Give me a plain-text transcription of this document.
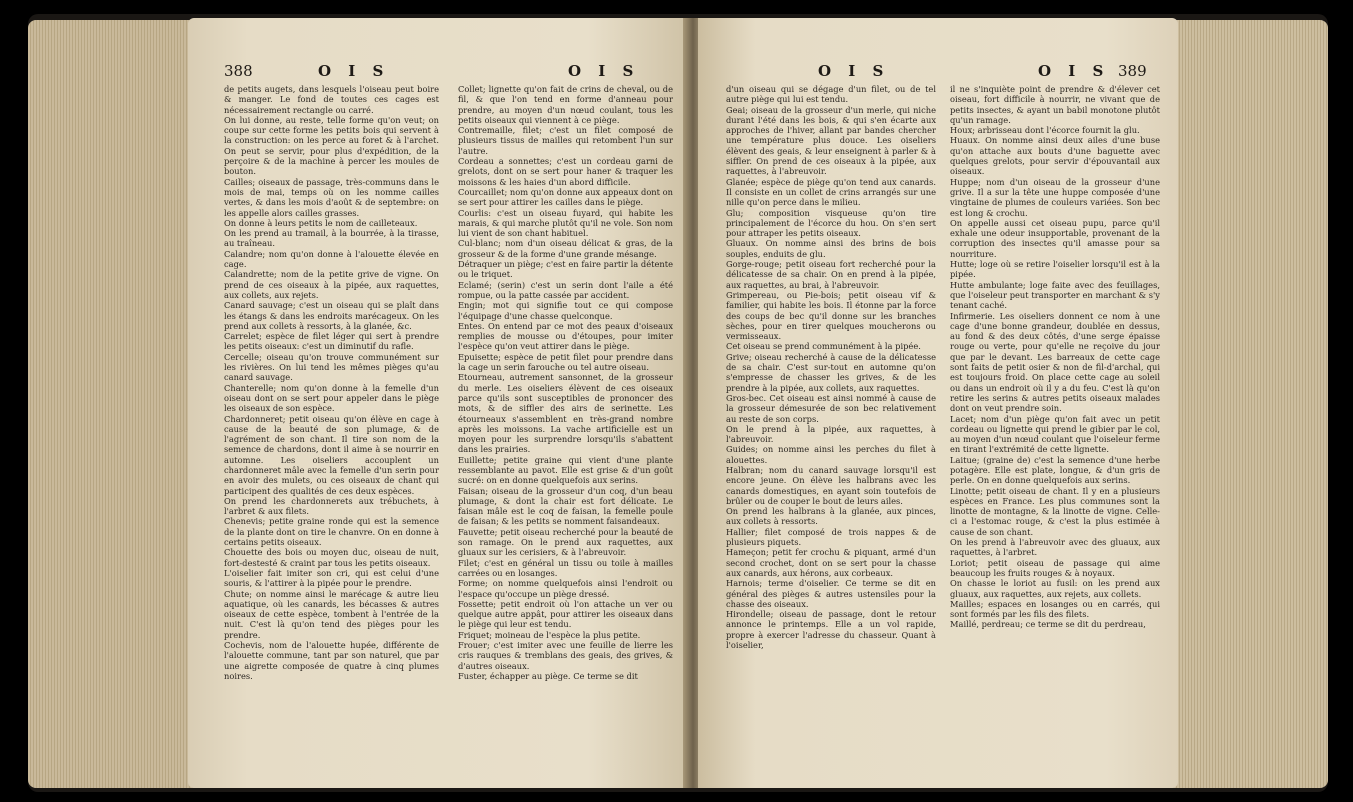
388	O I S	O I S

de petits augets, dans lesquels l'oiseau peut boire & manger. Le fond de toutes ces cages est nécessairement rectangle ou carré.

On lui donne, au reste, telle forme qu'on veut; on coupe sur cette forme les petits bois qui servent à la construction: on les perce au foret & à l'archet. On peut se servir, pour plus d'expédition, de la perçoire & de la machine à percer les moules de bouton.

Cailles; oiseaux de passage, très-communs dans le mois de mai, temps où on les nomme cailles vertes, & dans les mois d'août & de septembre: on les appelle alors cailles grasses.

On donne à leurs petits le nom de cailleteaux.

On les prend au tramail, à la bourrée, à la tirasse, au traîneau.

Calandre; nom qu'on donne à l'alouette élevée en cage.

Calandrette; nom de la petite grive de vigne. On prend de ces oiseaux à la pipée, aux raquettes, aux collets, aux rejets.

Canard sauvage; c'est un oiseau qui se plaît dans les étangs & dans les endroits marécageux. On les prend aux collets à ressorts, à la glanée, &c.

Carrelet; espèce de filet léger qui sert à prendre les petits oiseaux: c'est un diminutif du rafle.

Cercelle; oiseau qu'on trouve communément sur les rivières. On lui tend les mêmes pièges qu'au canard sauvage.

Chanterelle; nom qu'on donne à la femelle d'un oiseau dont on se sert pour appeler dans le piège les oiseaux de son espèce.

Chardonneret; petit oiseau qu'on élève en cage à cause de la beauté de son plumage, & de l'agrément de son chant. Il tire son nom de la semence de chardons, dont il aime à se nourrir en automne. Les oiseliers accouplent un chardonneret mâle avec la femelle d'un serin pour en avoir des mulets, ou ces oiseaux de chant qui participent des qualités de ces deux espèces.

On prend les chardonnerets aux trébuchets, à l'arbret & aux filets.

Chenevis; petite graine ronde qui est la semence de la plante dont on tire le chanvre. On en donne à certains petits oiseaux.

Chouette des bois ou moyen duc, oiseau de nuit, fort-destesté & craint par tous les petits oiseaux.

L'oiselier fait imiter son cri, qui est celui d'une souris, & l'attirer à la pipée pour le prendre.

Chute; on nomme ainsi le marécage & autre lieu aquatique, où les canards, les bécasses & autres oiseaux de cette espèce, tombent à l'entrée de la nuit. C'est là qu'on tend des pièges pour les prendre.

Cochevis, nom de l'alouette hupée, différente de l'alouette commune, tant par son naturel, que par une aigrette composée de quatre à cinq plumes noires.

Collet; lignette qu'on fait de crins de cheval, ou de fil, & que l'on tend en forme d'anneau pour prendre, au moyen d'un nœud coulant, tous les petits oiseaux qui viennent à ce piège.

Contremaille, filet; c'est un filet composé de plusieurs tissus de mailles qui retombent l'un sur l'autre.

Cordeau a sonnettes; c'est un cordeau garni de grelots, dont on se sert pour haner & traquer les moissons & les haies d'un abord difficile.

Courcaillet; nom qu'on donne aux appeaux dont on se sert pour attirer les cailles dans le piège.

Courlis: c'est un oiseau fuyard, qui habite les marais, & qui marche plutôt qu'il ne vole. Son nom lui vient de son chant habituel.

Cul-blanc; nom d'un oiseau délicat & gras, de la grosseur & de la forme d'une grande mésange.

Détraquer un piège; c'est en faire partir la détente ou le triquet.

Eclamé; (serin) c'est un serin dont l'aile a été rompue, ou la patte cassée par accident.

Engin; mot qui signifie tout ce qui compose l'équipage d'une chasse quelconque.

Entes. On entend par ce mot des peaux d'oiseaux remplies de mousse ou d'étoupes, pour imiter l'espèce qu'on veut attirer dans le piège.

Epuisette; espèce de petit filet pour prendre dans la cage un serin farouche ou tel autre oiseau.

Etourneau, autrement sansonnet, de la grosseur du merle. Les oiseliers élèvent de ces oiseaux parce qu'ils sont susceptibles de prononcer des mots, & de siffler des airs de serinette. Les étourneaux s'assemblent en très-grand nombre après les moissons. La vache artificielle est un moyen pour les surprendre lorsqu'ils s'abattent dans les prairies.

Euillette; petite graine qui vient d'une plante ressemblante au pavot. Elle est grise & d'un goût sucré: on en donne quelquefois aux serins.

Faisan; oiseau de la grosseur d'un coq, d'un beau plumage, & dont la chair est fort délicate. Le faisan mâle est le coq de faisan, la femelle poule de faisan; & les petits se nomment faisandeaux.

Fauvette; petit oiseau recherché pour la beauté de son ramage. On le prend aux raquettes, aux gluaux sur les cerisiers, & à l'abreuvoir.

Filet; c'est en général un tissu ou toile à mailles carrées ou en losanges.

Forme; on nomme quelquefois ainsi l'endroit ou l'espace qu'occupe un piège dressé.

Fossette; petit endroit où l'on attache un ver ou quelque autre appât, pour attirer les oiseaux dans le piège qui leur est tendu.

Friquet; moineau de l'espèce la plus petite.

Frouer; c'est imiter avec une feuille de lierre les cris rauques & tremblans des geais, des grives, & d'autres oiseaux.

Fuster, échapper au piège. Ce terme se dit

O I S	O I S 389

d'un oiseau qui se dégage d'un filet, ou de tel autre piège qui lui est tendu.

Geai; oiseau de la grosseur d'un merle, qui niche durant l'été dans les bois, & qui s'en écarte aux approches de l'hiver, allant par bandes chercher une température plus douce. Les oiseliers élèvent des geais, & leur enseignent à parler & à siffler. On prend de ces oiseaux à la pipée, aux raquettes, à l'abreuvoir.

Glanée; espèce de piège qu'on tend aux canards. Il consiste en un collet de crins arrangés sur une nille qu'on perce dans le milieu.

Glu; composition visqueuse qu'on tire principalement de l'écorce du hou. On s'en sert pour attraper les petits oiseaux.

Gluaux. On nomme ainsi des brins de bois souples, enduits de glu.

Gorge-rouge; petit oiseau fort recherché pour la délicatesse de sa chair. On en prend à la pipée, aux raquettes, au brai, à l'abreuvoir.

Grimpereau, ou Pie-bois; petit oiseau vif & familier, qui habite les bois. Il étonne par la force des coups de bec qu'il donne sur les branches sèches, pour en tirer quelques moucherons ou vermisseaux.

Cet oiseau se prend communément à la pipée.

Grive; oiseau recherché à cause de la délicatesse de sa chair. C'est sur-tout en automne qu'on s'empresse de chasser les grives, & de les prendre à la pipée, aux collets, aux raquettes.

Gros-bec. Cet oiseau est ainsi nommé à cause de la grosseur démesurée de son bec relativement au reste de son corps.

On le prend à la pipée, aux raquettes, à l'abreuvoir.

Guides; on nomme ainsi les perches du filet à alouettes.

Halbran; nom du canard sauvage lorsqu'il est encore jeune. On élève les halbrans avec les canards domestiques, en ayant soin toutefois de brûler ou de couper le bout de leurs ailes.

On prend les halbrans à la glanée, aux pinces, aux collets à ressorts.

Hallier; filet composé de trois nappes & de plusieurs piquets.

Hameçon; petit fer crochu & piquant, armé d'un second crochet, dont on se sert pour la chasse aux canards, aux hérons, aux corbeaux.

Harnois; terme d'oiselier. Ce terme se dit en général des pièges & autres ustensiles pour la chasse des oiseaux.

Hirondelle; oiseau de passage, dont le retour annonce le printemps. Elle a un vol rapide, propre à exercer l'adresse du chasseur. Quant à l'oiselier,

il ne s'inquiète point de prendre & d'élever cet oiseau, fort difficile à nourrir, ne vivant que de petits insectes, & ayant un babil monotone plutôt qu'un ramage.

Houx; arbrisseau dont l'écorce fournit la glu.

Huaux. On nomme ainsi deux ailes d'une buse qu'on attache aux bouts d'une baguette avec quelques grelots, pour servir d'épouvantail aux oiseaux.

Huppe; nom d'un oiseau de la grosseur d'une grive. Il a sur la tête une huppe composée d'une vingtaine de plumes de couleurs variées. Son bec est long & crochu.

On appelle aussi cet oiseau pupu, parce qu'il exhale une odeur insupportable, provenant de la corruption des insectes qu'il amasse pour sa nourriture.

Hutte; loge où se retire l'oiselier lorsqu'il est à la pipée.

Hutte ambulante; loge faite avec des feuillages, que l'oiseleur peut transporter en marchant & s'y tenant caché.

Infirmerie. Les oiseliers donnent ce nom à une cage d'une bonne grandeur, doublée en dessus, au fond & des deux côtés, d'une serge épaisse rouge ou verte, pour qu'elle ne reçoive du jour que par le devant. Les barreaux de cette cage sont faits de petit osier & non de fil-d'archal, qui est toujours froid. On place cette cage au soleil ou dans un endroit où il y a du feu. C'est là qu'on retire les serins & autres petits oiseaux malades dont on veut prendre soin.

Lacet; nom d'un piège qu'on fait avec un petit cordeau ou lignette qui prend le gibier par le col, au moyen d'un nœud coulant que l'oiseleur ferme en tirant l'extrémité de cette lignette.

Laitue; (graine de) c'est la semence d'une herbe potagère. Elle est plate, longue, & d'un gris de perle. On en donne quelquefois aux serins.

Linotte; petit oiseau de chant. Il y en a plusieurs espèces en France. Les plus communes sont la linotte de montagne, & la linotte de vigne. Celle-ci a l'estomac rouge, & c'est la plus estimée à cause de son chant.

On les prend à l'abreuvoir avec des gluaux, aux raquettes, à l'arbret.

Loriot; petit oiseau de passage qui aime beaucoup les fruits rouges & à noyaux.

On chasse le loriot au fusil: on les prend aux gluaux, aux raquettes, aux rejets, aux collets.

Mailles; espaces en losanges ou en carrés, qui sont formés par les fils des filets.

Maillé, perdreau; ce terme se dit du perdreau,
